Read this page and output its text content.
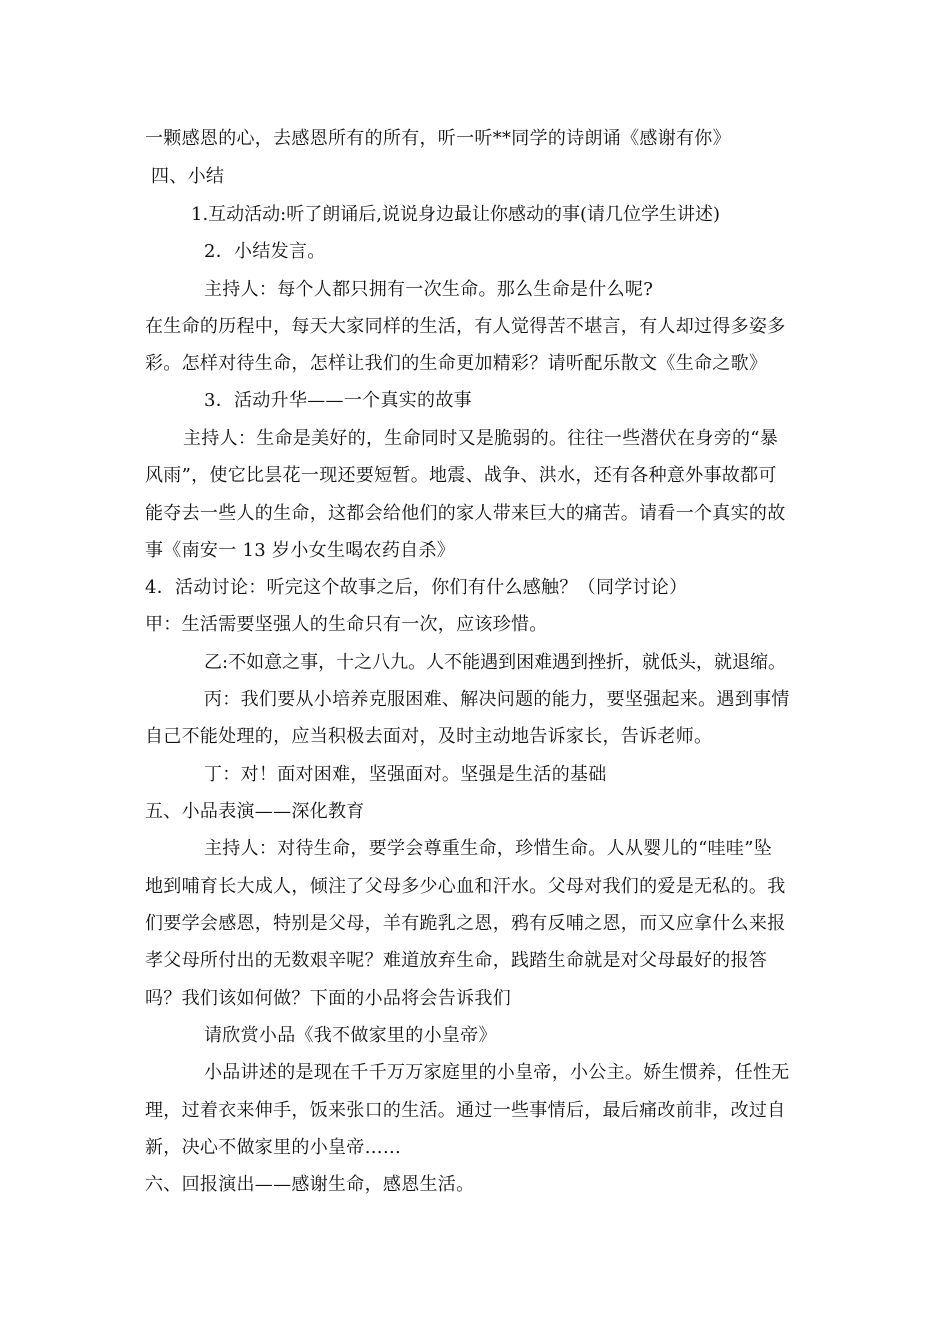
一颗感恩的心，去感恩所有的所有，听一听**同学的诗朗诵《感谢有你》
四、小结
1.互动活动:听了朗诵后,说说身边最让你感动的事(请几位学生讲述)
2．小结发言。
主持人：每个人都只拥有一次生命。那么生命是什么呢?
在生命的历程中，每天大家同样的生活，有人觉得苦不堪言，有人却过得多姿多
彩。怎样对待生命，怎样让我们的生命更加精彩？请听配乐散文《生命之歌》
3．活动升华——一个真实的故事
主持人：生命是美好的，生命同时又是脆弱的。往往一些潜伏在身旁的“暴
风雨”，使它比昙花一现还要短暂。地震、战争、洪水，还有各种意外事故都可
能夺去一些人的生命，这都会给他们的家人带来巨大的痛苦。请看一个真实的故
事《南安一 13 岁小女生喝农药自杀》
4．活动讨论：听完这个故事之后，你们有什么感触？（同学讨论）
甲：生活需要坚强人的生命只有一次，应该珍惜。
乙:不如意之事，十之八九。人不能遇到困难遇到挫折，就低头，就退缩。
丙：我们要从小培养克服困难、解决问题的能力，要坚强起来。遇到事情
自己不能处理的，应当积极去面对，及时主动地告诉家长，告诉老师。
丁：对！面对困难，坚强面对。坚强是生活的基础
五、小品表演——深化教育
主持人：对待生命，要学会尊重生命，珍惜生命。人从婴儿的“哇哇”坠
地到哺育长大成人，倾注了父母多少心血和汗水。父母对我们的爱是无私的。我
们要学会感恩，特别是父母，羊有跪乳之恩，鸦有反哺之恩，而又应拿什么来报
孝父母所付出的无数艰辛呢？难道放弃生命，践踏生命就是对父母最好的报答
吗？我们该如何做？下面的小品将会告诉我们
请欣赏小品《我不做家里的小皇帝》
小品讲述的是现在千千万万家庭里的小皇帝，小公主。娇生惯养，任性无
理，过着衣来伸手，饭来张口的生活。通过一些事情后，最后痛改前非，改过自
新，决心不做家里的小皇帝……
六、回报演出——感谢生命，感恩生活。
